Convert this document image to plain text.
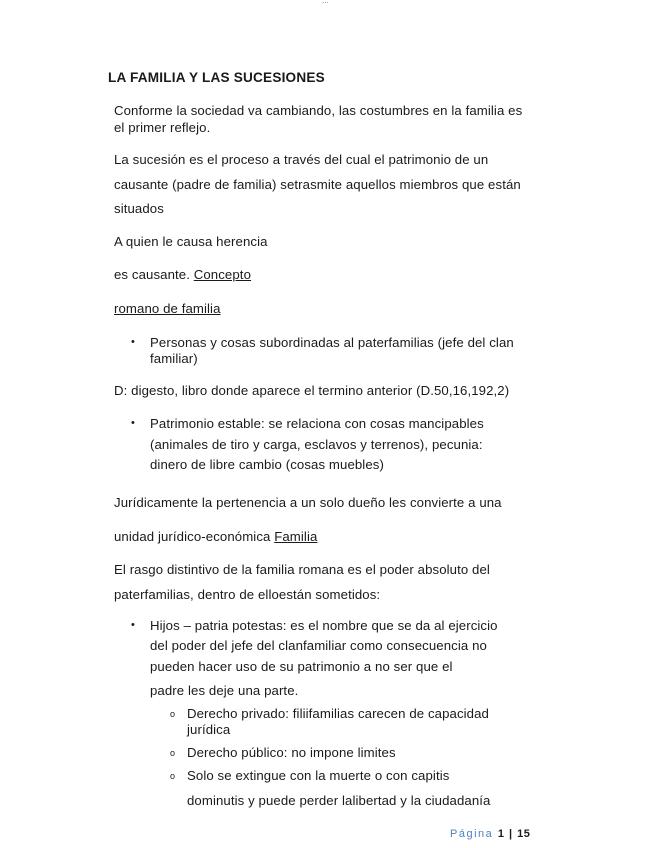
...
LA FAMILIA Y LAS SUCESIONES
Conforme la sociedad va cambiando, las costumbres en la familia es
el primer reflejo.
La sucesión es el proceso a través del cual el patrimonio de un
causante (padre de familia) setrasmite aquellos miembros que están
situados
A quien le causa herencia
es causante. Concepto
romano de familia
• Personas y cosas subordinadas al paterfamilias (jefe del clan
familiar)
D: digesto, libro donde aparece el termino anterior (D.50,16,192,2)
• Patrimonio estable: se relaciona con cosas mancipables
(animales de tiro y carga, esclavos y terrenos), pecunia:
dinero de libre cambio (cosas muebles)
Jurídicamente la pertenencia a un solo dueño les convierte a una
unidad jurídico-económica Familia
El rasgo distintivo de la familia romana es el poder absoluto del
paterfamilias, dentro de elloestán sometidos:
• Hijos – patria potestas: es el nombre que se da al ejercicio
del poder del jefe del clanfamiliar como consecuencia no
pueden hacer uso de su patrimonio a no ser que el
padre les deje una parte.
o Derecho privado: filiifamilias carecen de capacidad
jurídica
o Derecho público: no impone limites
o Solo se extingue con la muerte o con capitis
dominutis y puede perder lalibertad y la ciudadanía
Página 1 | 15
